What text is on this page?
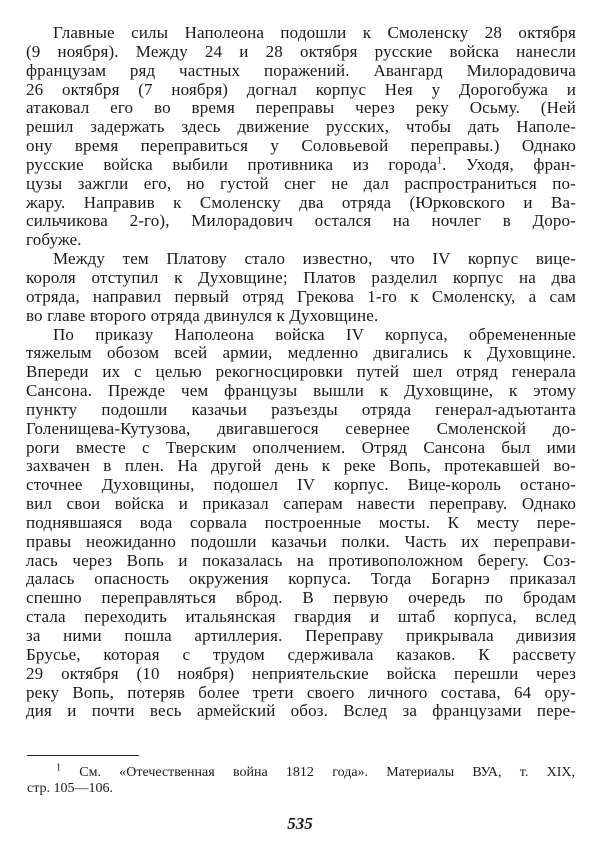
Главные силы Наполеона подошли к Смоленску 28 октября
(9 ноября). Между 24 и 28 октября русские войска нанесли
французам ряд частных поражений. Авангард Милорадовича
26 октября (7 ноября) догнал корпус Нея у Дорогобужа и
атаковал его во время переправы через реку Осьму. (Ней
решил задержать здесь движение русских, чтобы дать Наполе-
ону время переправиться у Соловьевой переправы.) Однако
русские войска выбили противника из города$^1$. Уходя, фран-
цузы зажгли его, но густой снег не дал распространиться по-
жару. Направив к Смоленску два отряда (Юрковского и Ва-
сильчикова 2-го), Милорадович остался на ночлег в Доро-
гобуже.
Между тем Платову стало известно, что IV корпус вице-
короля отступил к Духовщине; Платов разделил корпус на два
отряда, направил первый отряд Грекова 1-го к Смоленску, а сам
во главе второго отряда двинулся к Духовщине.
По приказу Наполеона войска IV корпуса, обремененные
тяжелым обозом всей армии, медленно двигались к Духовщине.
Впереди их с целью рекогносцировки путей шел отряд генерала
Сансона. Прежде чем французы вышли к Духовщине, к этому
пункту подошли казачьи разъезды отряда генерал-адъютанта
Голенищева-Кутузова, двигавшегося севернее Смоленской до-
роги вместе с Тверским ополчением. Отряд Сансона был ими
захвачен в плен. На другой день к реке Вопь, протекавшей во-
сточнее Духовщины, подошел IV корпус. Вице-король остано-
вил свои войска и приказал саперам навести переправу. Однако
поднявшаяся вода сорвала построенные мосты. К месту пере-
правы неожиданно подошли казачьи полки. Часть их переправи-
лась через Вопь и показалась на противоположном берегу. Соз-
далась опасность окружения корпуса. Тогда Богарнэ приказал
спешно переправляться вброд. В первую очередь по бродам
стала переходить итальянская гвардия и штаб корпуса, вслед
за ними пошла артиллерия. Переправу прикрывала дивизия
Брусье, которая с трудом сдерживала казаков. К рассвету
29 октября (10 ноября) неприятельские войска перешли через
реку Вопь, потеряв более трети своего личного состава, 64 ору-
дия и почти весь армейский обоз. Вслед за французами пере-
$^1$ См. «Отечественная война 1812 года». Материалы ВУА, т. XIX,
стр. 105—106.
535
